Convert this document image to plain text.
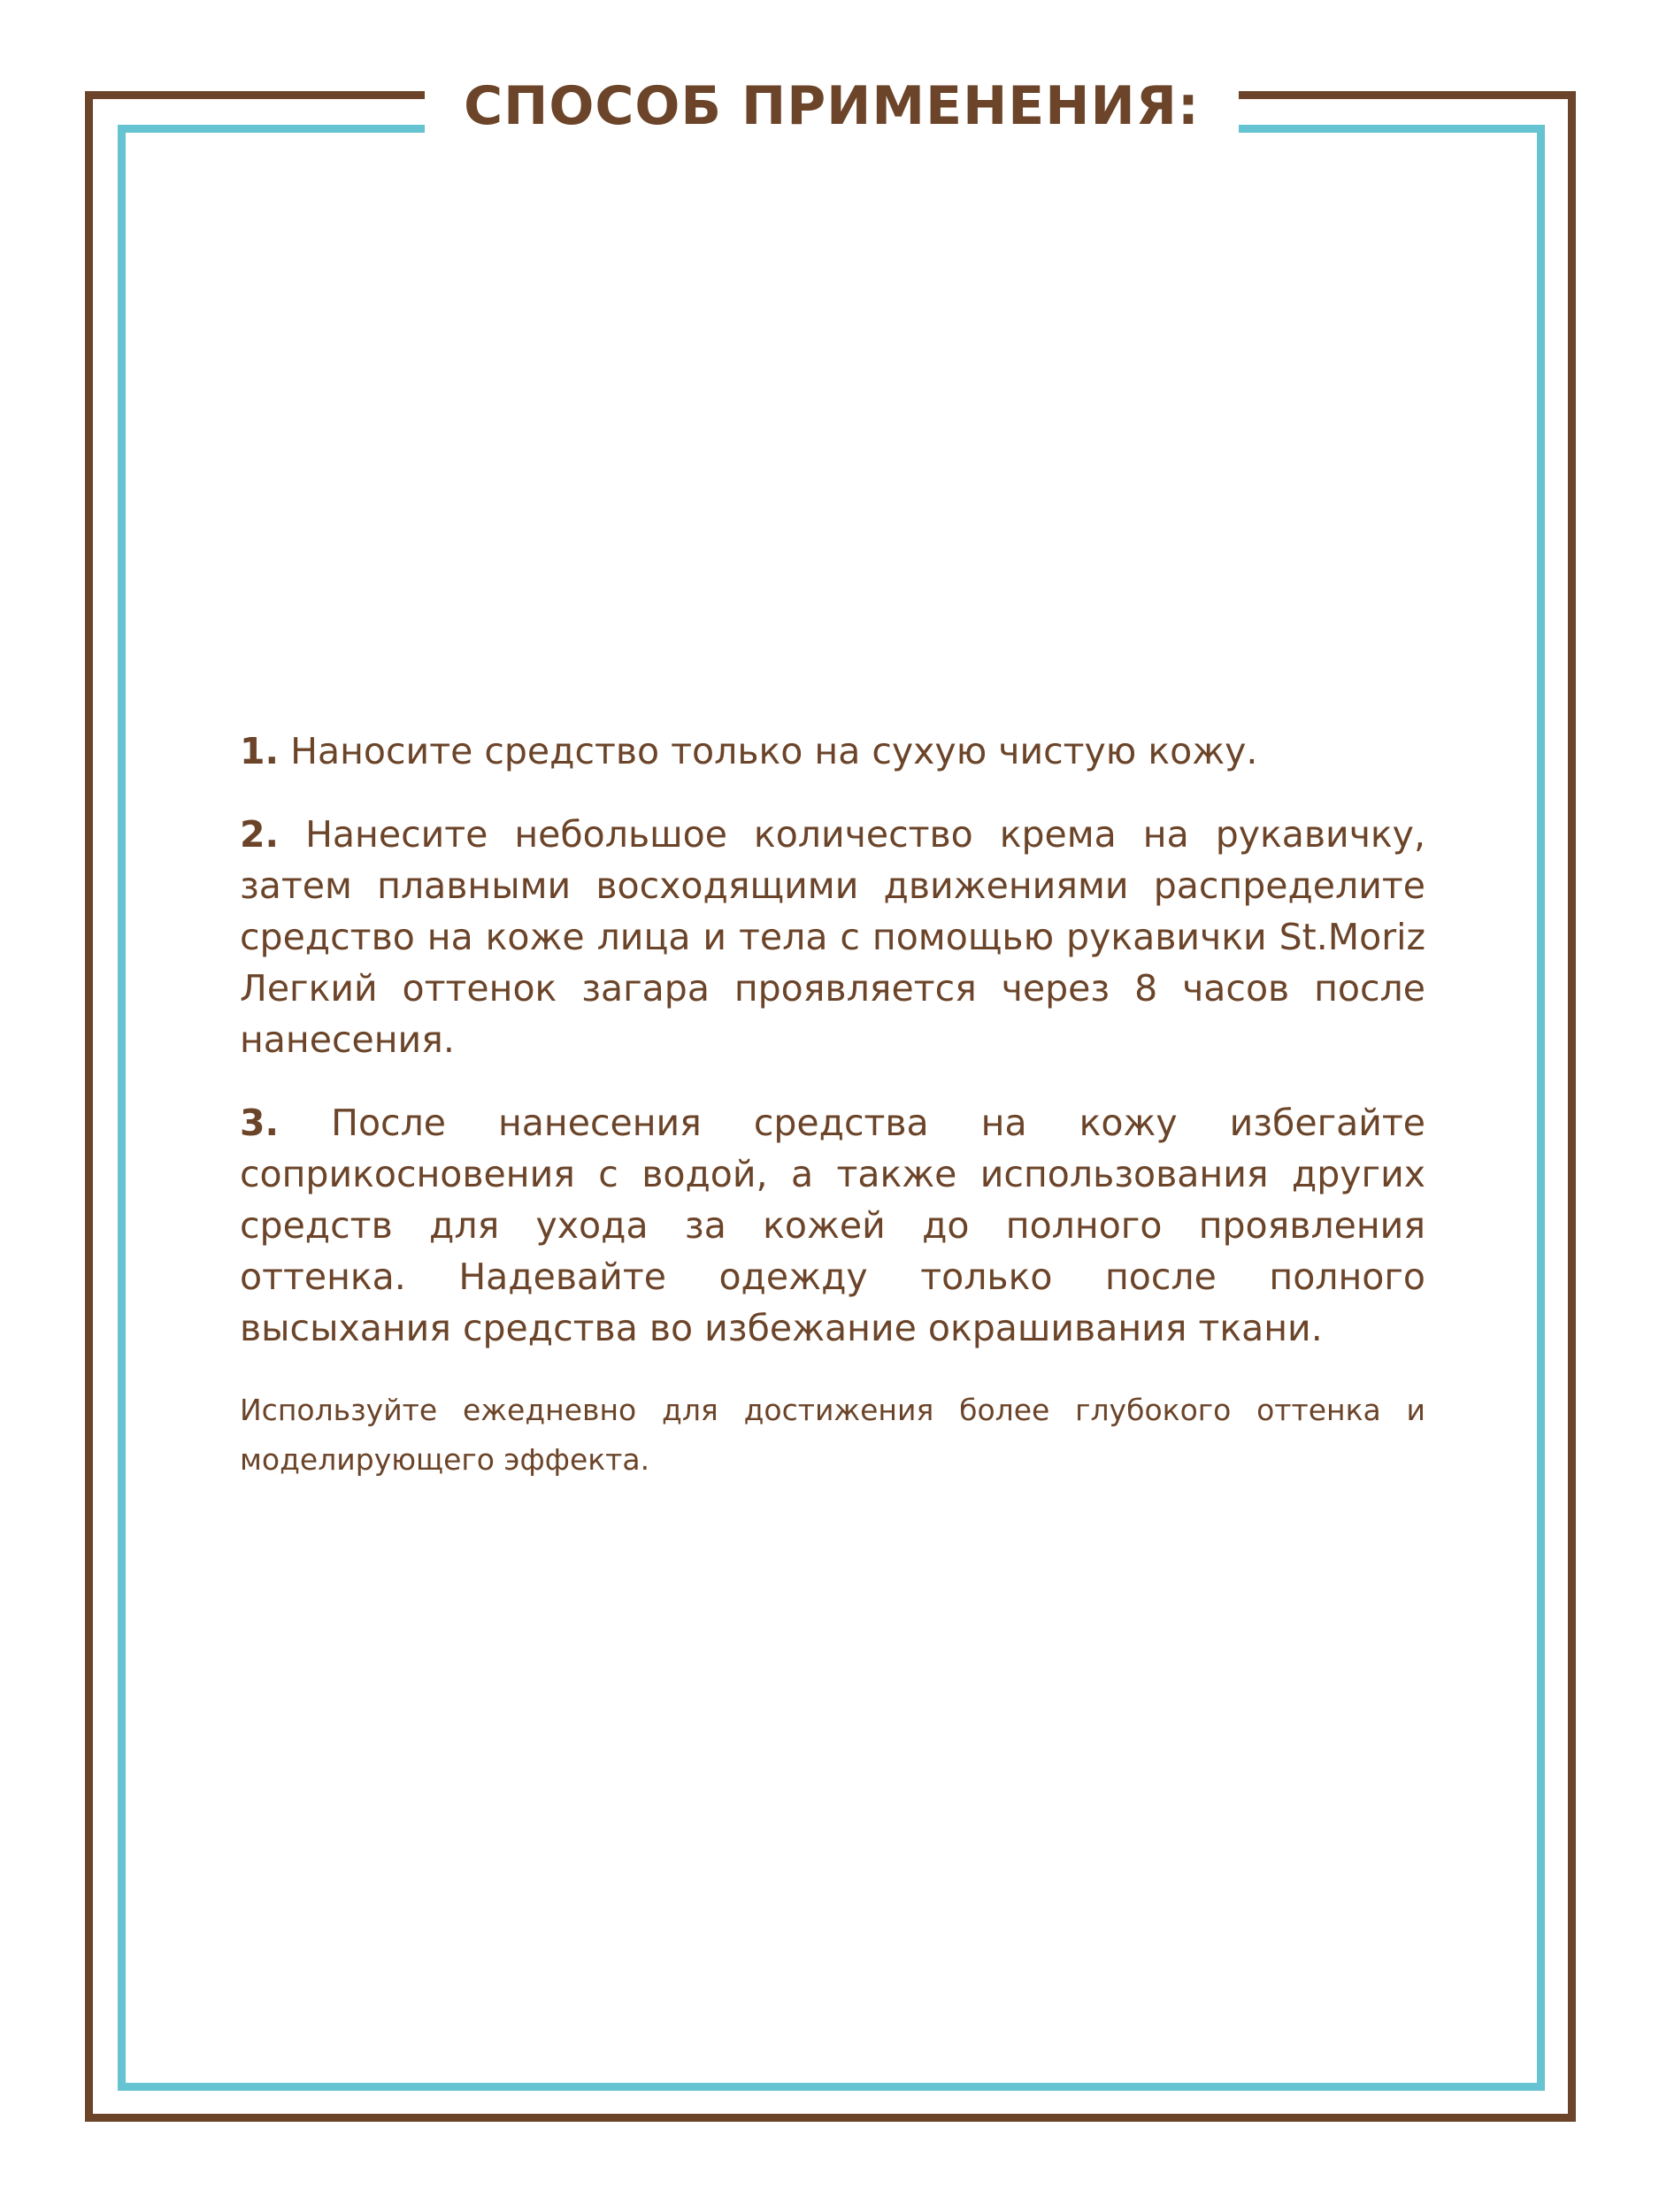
СПОСОБ ПРИМЕНЕНИЯ:

1. Наносите средство только на сухую чистую кожу.

2. Нанесите небольшое количество крема на рукавичку, затем плавными восходящими движениями распределите средство на коже лица и тела с помощью рукавички St.Moriz Легкий оттенок загара проявляется через 8 часов после нанесения.

3. После нанесения средства на кожу избегайте соприкосновения с водой, а также использования других средств для ухода за кожей до полного проявления оттенка. Надевайте одежду только после полного высыхания средства во избежание окрашивания ткани.

Используйте ежедневно для достижения более глубокого оттенка и моделирующего эффекта.
